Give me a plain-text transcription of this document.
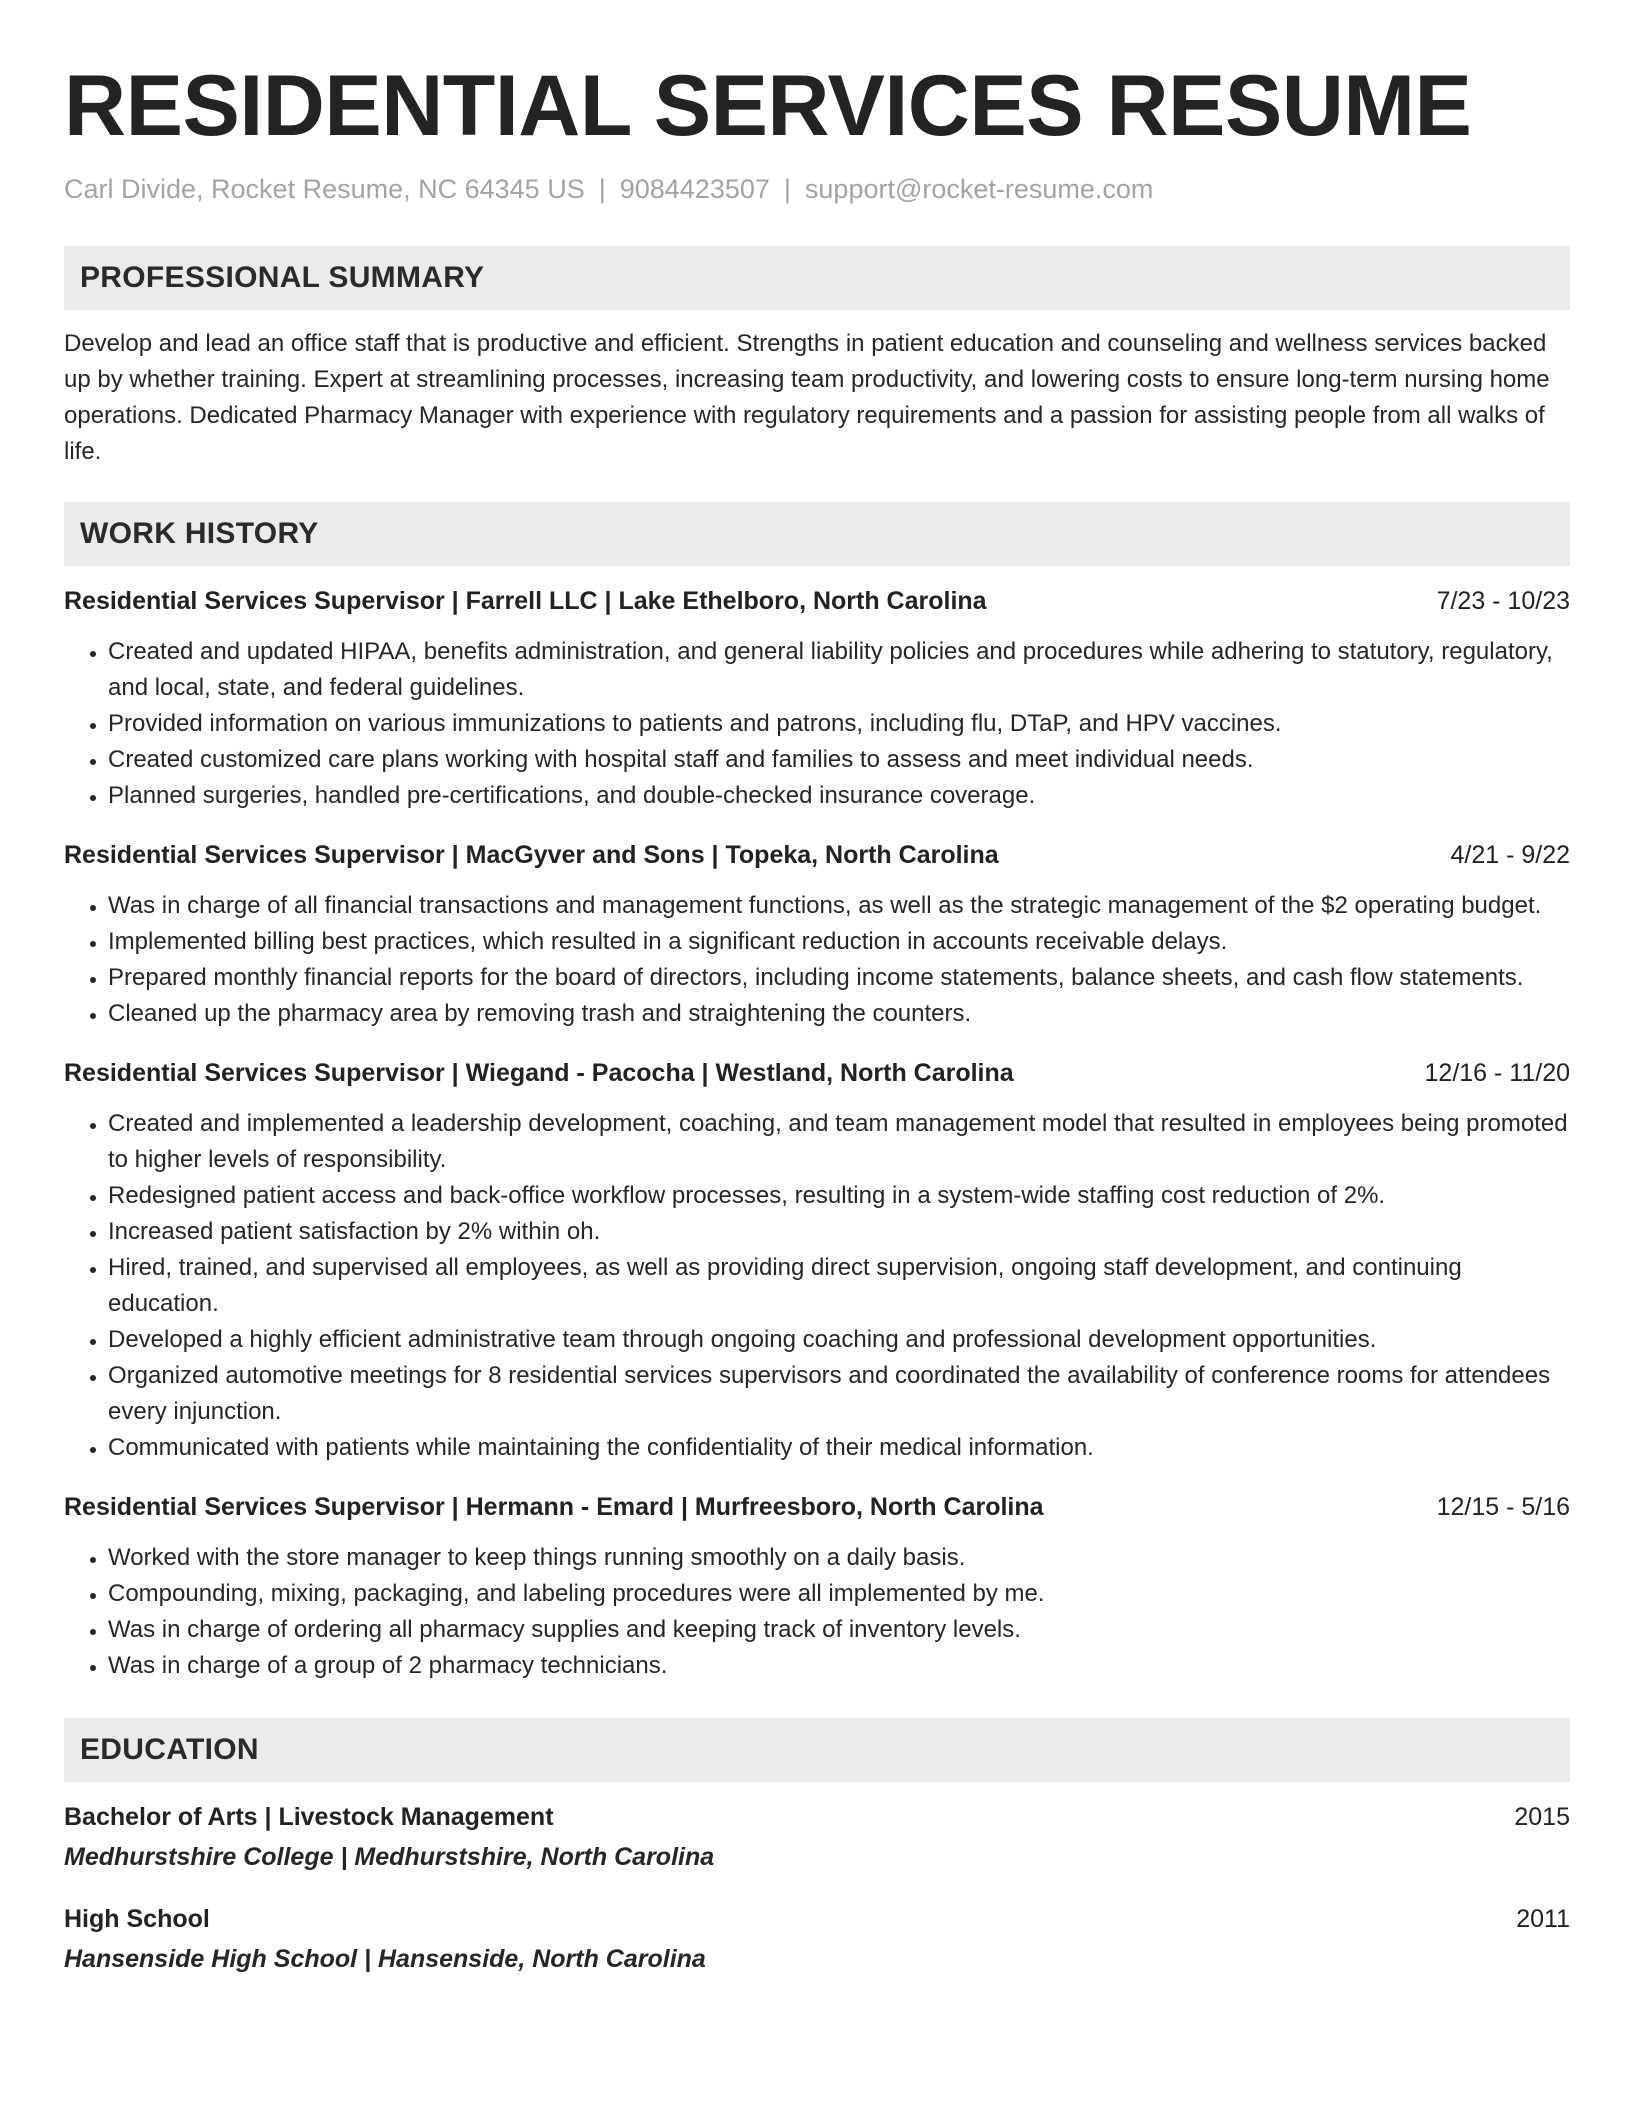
RESIDENTIAL SERVICES RESUME
Carl Divide, Rocket Resume, NC 64345 US | 9084423507 | support@rocket-resume.com
PROFESSIONAL SUMMARY

Develop and lead an office staff that is productive and efficient. Strengths in patient education and counseling and wellness services backed up by whether training. Expert at streamlining processes, increasing team productivity, and lowering costs to ensure long-term nursing home operations. Dedicated Pharmacy Manager with experience with regulatory requirements and a passion for assisting people from all walks of life.

WORK HISTORY
Residential Services Supervisor | Farrell LLC | Lake Ethelboro, North Carolina	7/23 - 10/23
• Created and updated HIPAA, benefits administration, and general liability policies and procedures while adhering to statutory, regulatory, and local, state, and federal guidelines.
• Provided information on various immunizations to patients and patrons, including flu, DTaP, and HPV vaccines.
• Created customized care plans working with hospital staff and families to assess and meet individual needs.
• Planned surgeries, handled pre-certifications, and double-checked insurance coverage.
Residential Services Supervisor | MacGyver and Sons | Topeka, North Carolina	4/21 - 9/22
• Was in charge of all financial transactions and management functions, as well as the strategic management of the $2 operating budget.
• Implemented billing best practices, which resulted in a significant reduction in accounts receivable delays.
• Prepared monthly financial reports for the board of directors, including income statements, balance sheets, and cash flow statements.
• Cleaned up the pharmacy area by removing trash and straightening the counters.
Residential Services Supervisor | Wiegand - Pacocha | Westland, North Carolina	12/16 - 11/20
• Created and implemented a leadership development, coaching, and team management model that resulted in employees being promoted to higher levels of responsibility.
• Redesigned patient access and back-office workflow processes, resulting in a system-wide staffing cost reduction of 2%.
• Increased patient satisfaction by 2% within oh.
• Hired, trained, and supervised all employees, as well as providing direct supervision, ongoing staff development, and continuing education.
• Developed a highly efficient administrative team through ongoing coaching and professional development opportunities.
• Organized automotive meetings for 8 residential services supervisors and coordinated the availability of conference rooms for attendees every injunction.
• Communicated with patients while maintaining the confidentiality of their medical information.
Residential Services Supervisor | Hermann - Emard | Murfreesboro, North Carolina	12/15 - 5/16
• Worked with the store manager to keep things running smoothly on a daily basis.
• Compounding, mixing, packaging, and labeling procedures were all implemented by me.
• Was in charge of ordering all pharmacy supplies and keeping track of inventory levels.
• Was in charge of a group of 2 pharmacy technicians.
EDUCATION
Bachelor of Arts | Livestock Management	2015
Medhurstshire College | Medhurstshire, North Carolina
High School	2011
Hansenside High School | Hansenside, North Carolina
